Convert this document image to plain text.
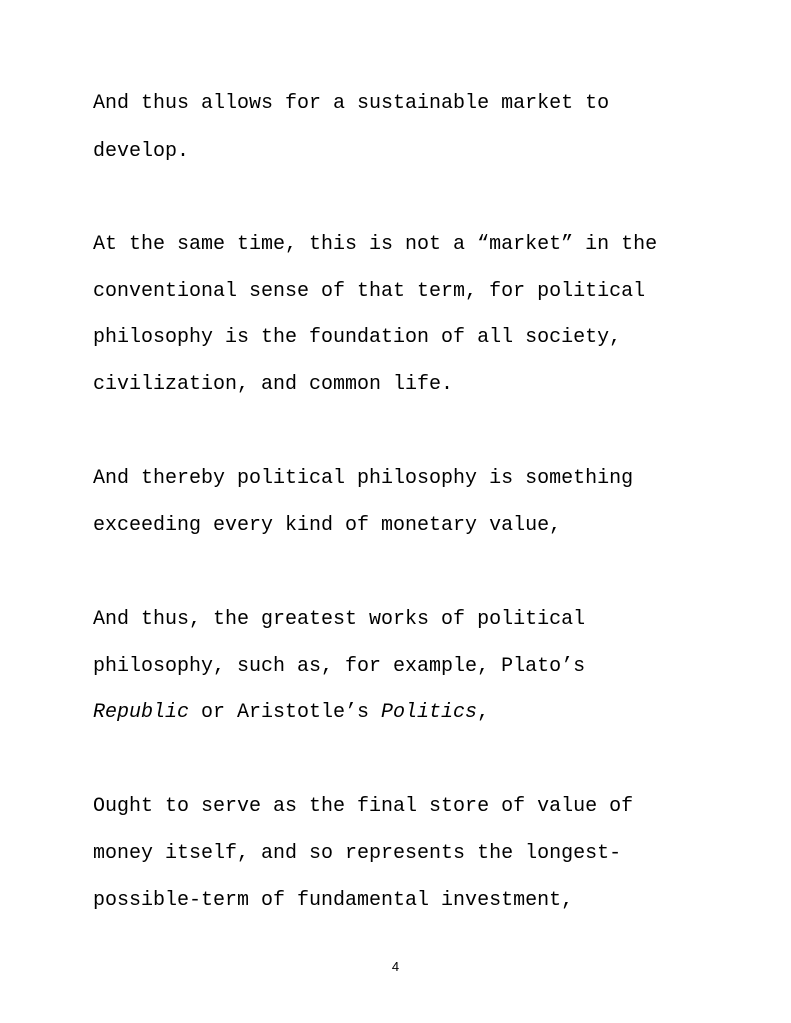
And thus allows for a sustainable market to

develop.

At the same time, this is not a “market” in the

conventional sense of that term, for political

philosophy is the foundation of all society,

civilization, and common life.

And thereby political philosophy is something

exceeding every kind of monetary value,

And thus, the greatest works of political

philosophy, such as, for example, Plato’s

Republic or Aristotle’s Politics,

Ought to serve as the final store of value of

money itself, and so represents the longest-

possible-term of fundamental investment,

4
